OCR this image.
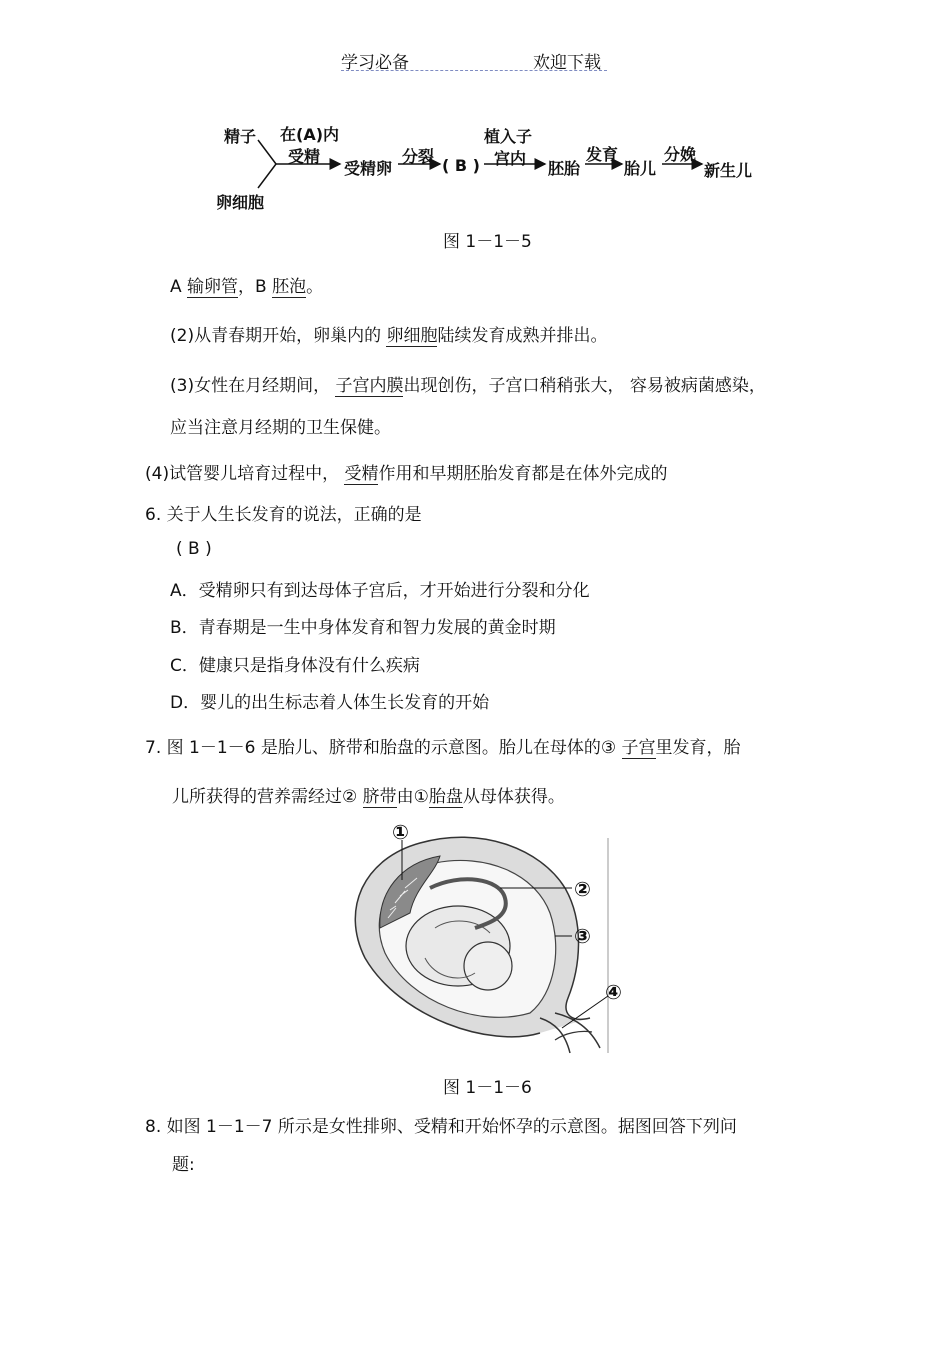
学习必备	欢迎下载
精子
卵细胞
在(A)内
受精
受精卵
分裂 ( B )
植入子
宫内
胚胎
发育
胎儿
分娩
新生儿
图 1－1－5
A 输卵管，B 胚泡。
(2)从青春期开始，卵巢内的 卵细胞陆续发育成熟并排出。
(3)女性在月经期间， 子宫内膜出现创伤，子宫口稍稍张大， 容易被病菌感染，
应当注意月经期的卫生保健。
(4)试管婴儿培育过程中， 受精作用和早期胚胎发育都是在体外完成的
6. 关于人生长发育的说法，正确的是
( B )
A．受精卵只有到达母体子宫后，才开始进行分裂和分化
B．青春期是一生中身体发育和智力发展的黄金时期
C．健康只是指身体没有什么疾病
D．婴儿的出生标志着人体生长发育的开始
7. 图 1－1－6 是胎儿、脐带和胎盘的示意图。胎儿在母体的③ 子宫里发育，胎
儿所获得的营养需经过② 脐带由①胎盘从母体获得。
①
②
③
④
图 1－1－6
8. 如图 1－1－7 所示是女性排卵、受精和开始怀孕的示意图。据图回答下列问
题:
